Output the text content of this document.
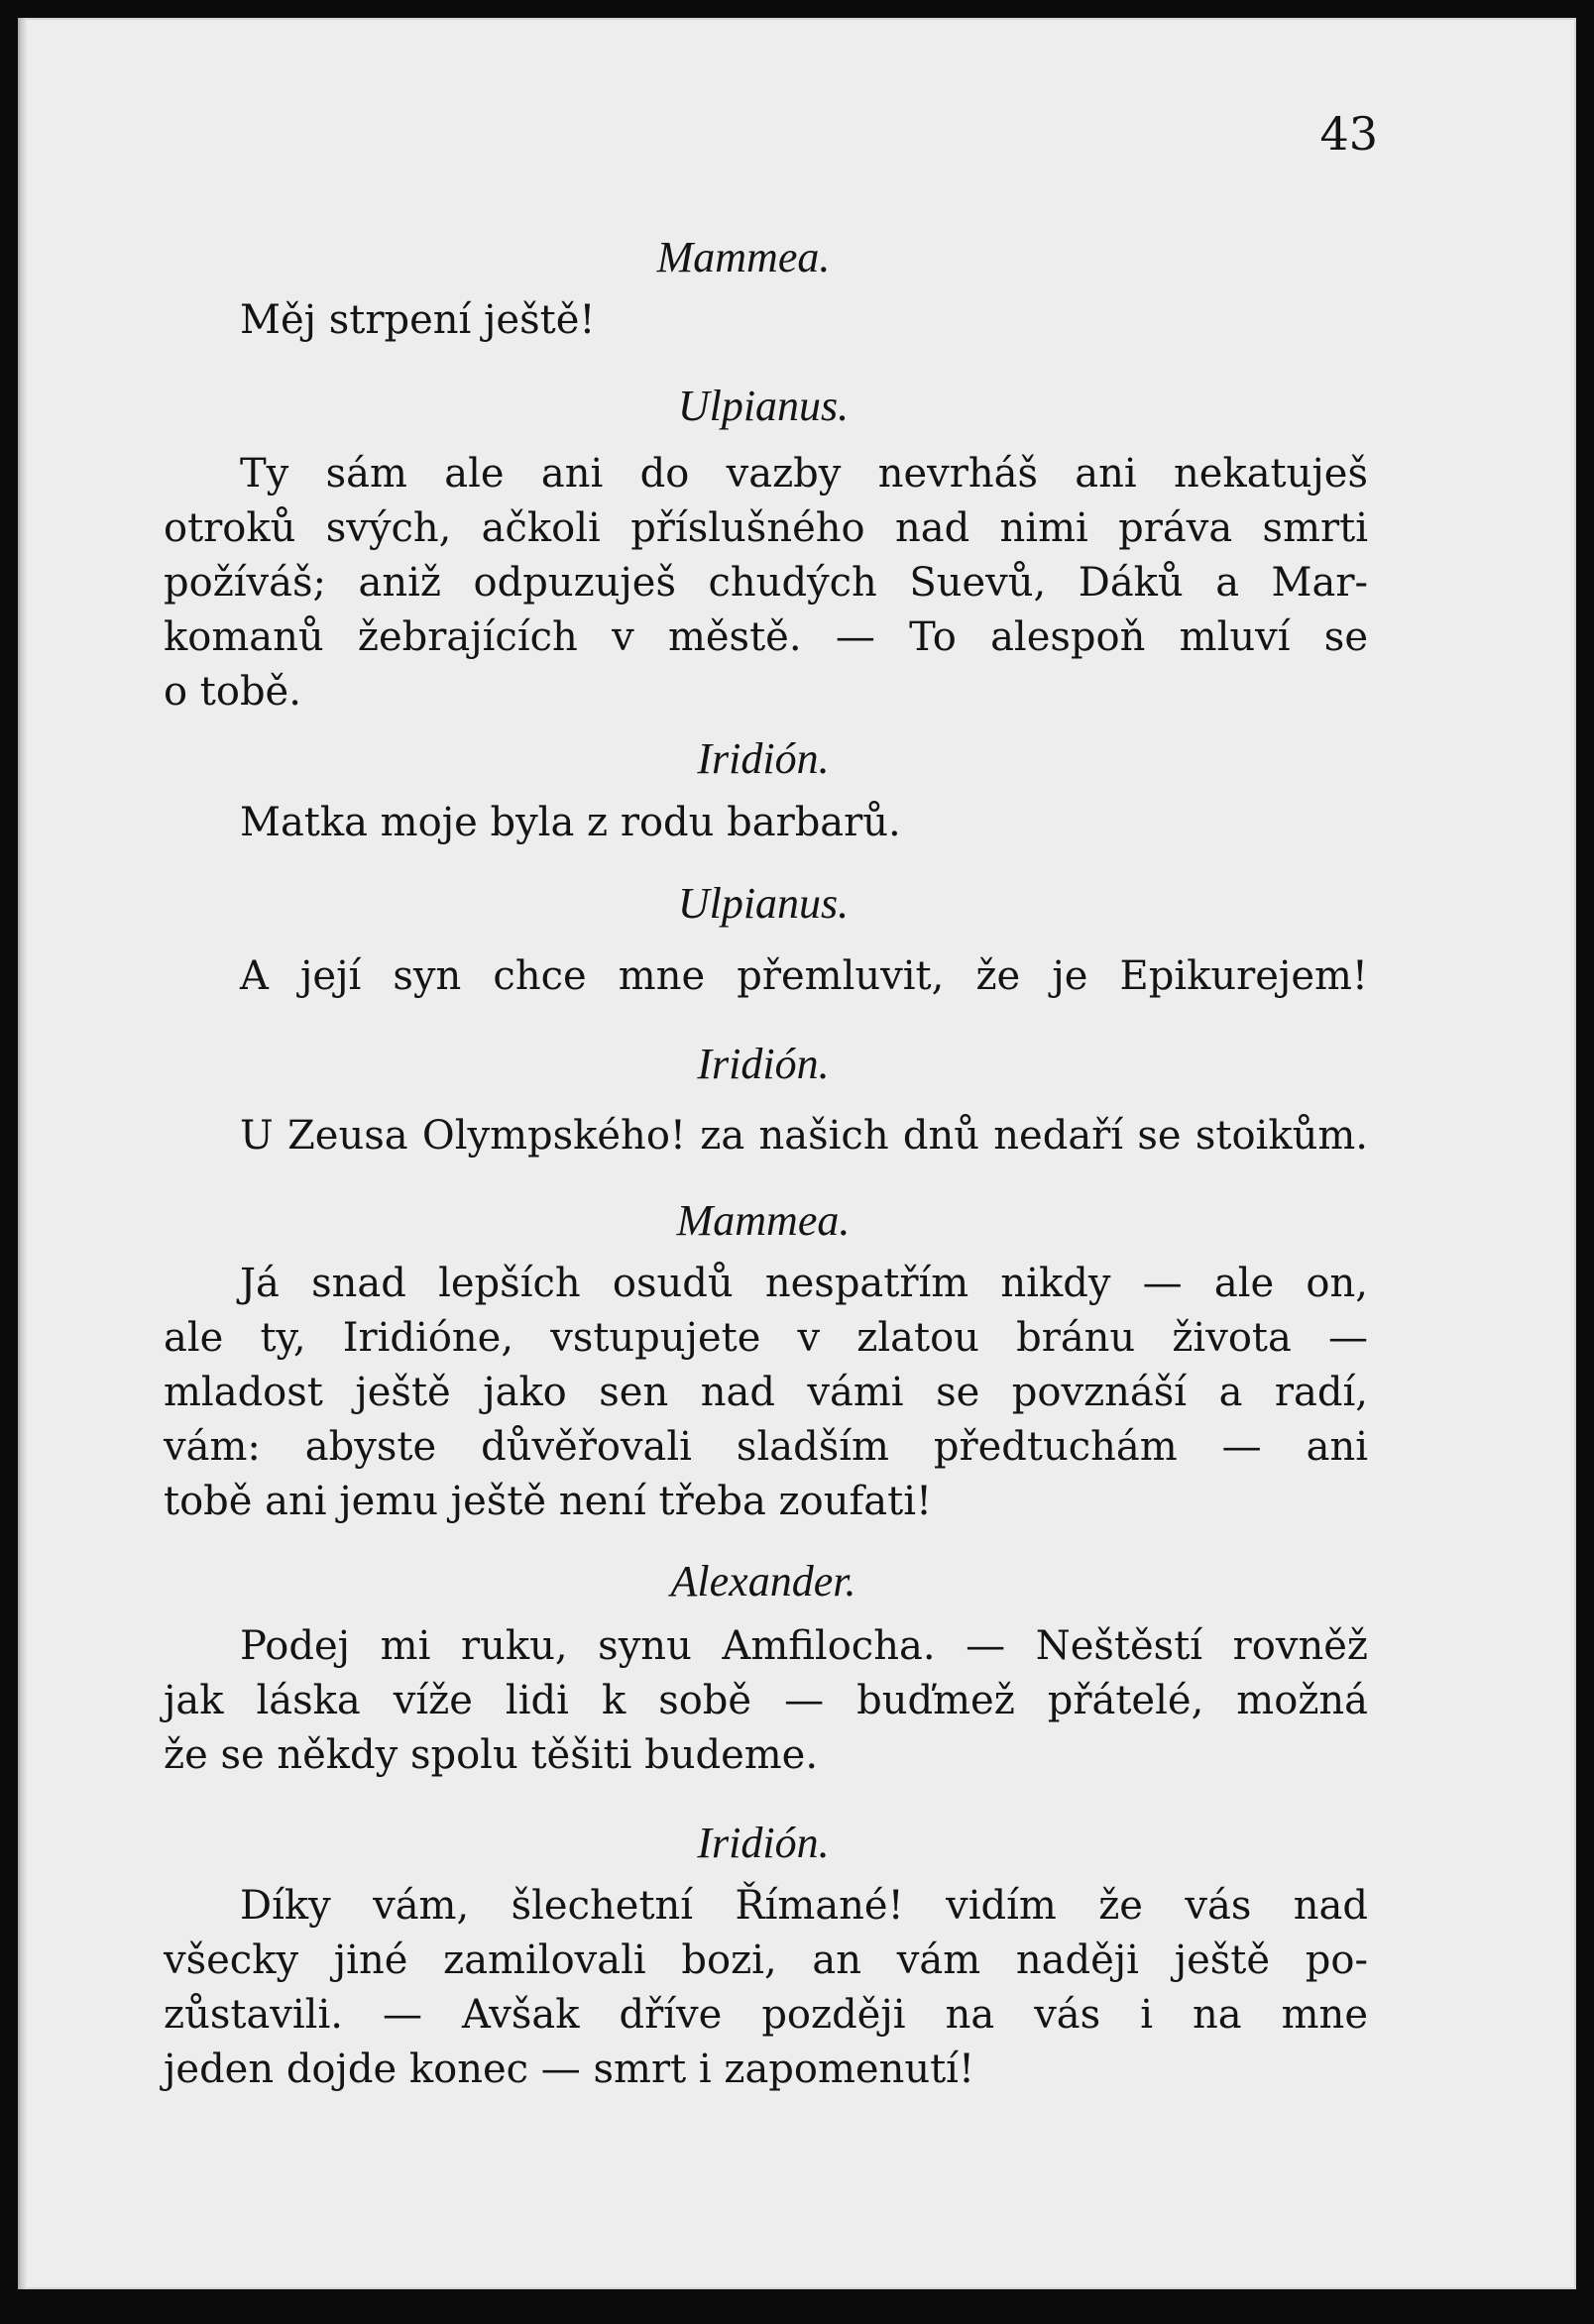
43
Mammea.
Měj strpení ještě!
Ulpianus.
Ty sám ale ani do vazby nevrháš ani nekatuješ
otroků svých, ačkoli příslušného nad nimi práva smrti
požíváš; aniž odpuzuješ chudých Suevů, Dáků a Mar-
komanů žebrajících v městě. — To alespoň mluví se
o tobě.
Iridión.
Matka moje byla z rodu barbarů.
Ulpianus.
A její syn chce mne přemluvit, že je Epikurejem!
Iridión.
U Zeusa Olympského! za našich dnů nedaří se stoikům.
Mammea.
Já snad lepších osudů nespatřím nikdy — ale on,
ale ty, Iridióne, vstupujete v zlatou bránu života —
mladost ještě jako sen nad vámi se povznáší a radí,
vám: abyste důvěřovali sladším předtuchám — ani
tobě ani jemu ještě není třeba zoufati!
Alexander.
Podej mi ruku, synu Amfilocha. — Neštěstí rovněž
jak láska víže lidi k sobě — buďmež přátelé, možná
že se někdy spolu těšiti budeme.
Iridión.
Díky vám, šlechetní Římané! vidím že vás nad
všecky jiné zamilovali bozi, an vám naději ještě po-
zůstavili. — Avšak dříve později na vás i na mne
jeden dojde konec — smrt i zapomenutí!
